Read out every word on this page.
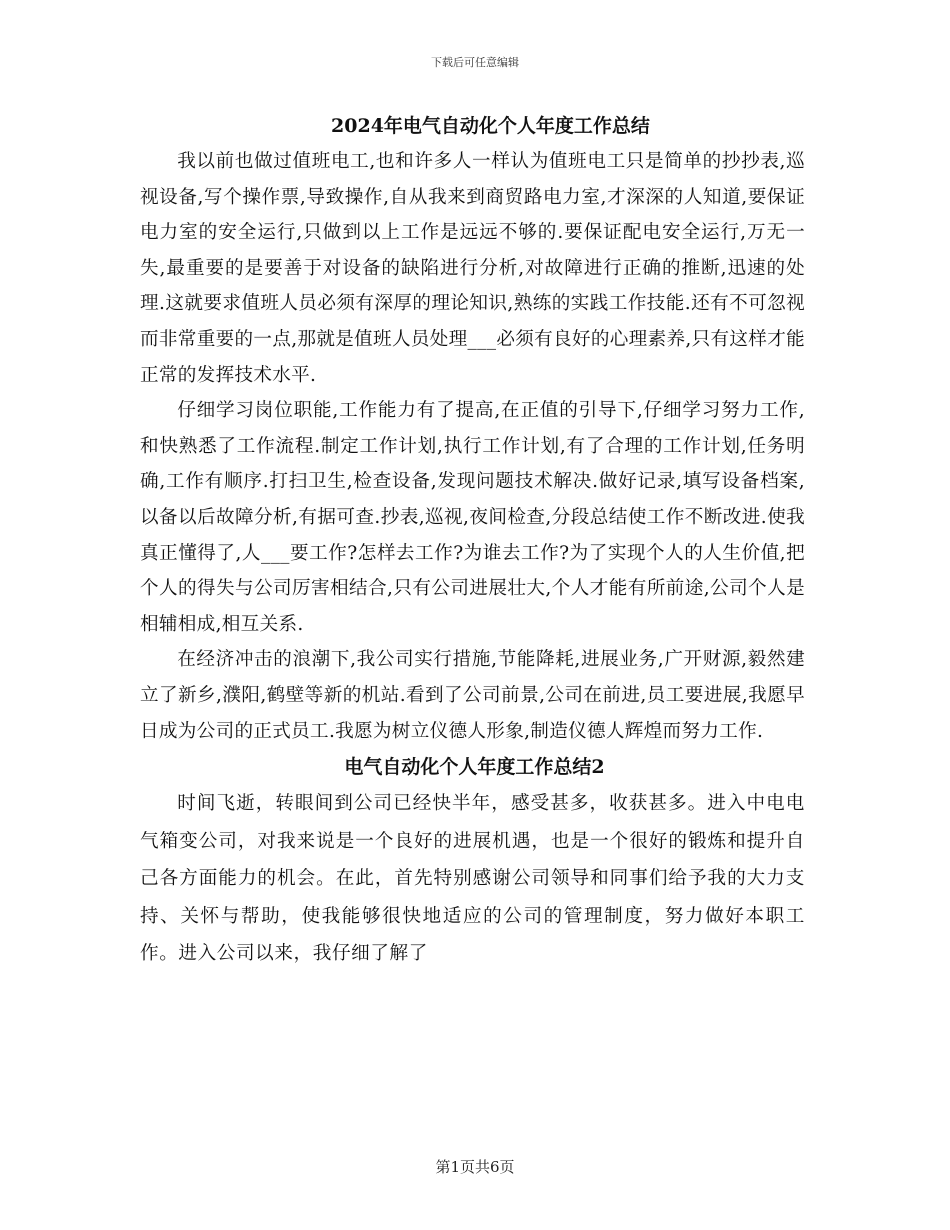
下载后可任意编辑
2024年电气自动化个人年度工作总结

我以前也做过值班电工,也和许多人一样认为值班电工只是简单的抄抄表,巡视设备,写个操作票,导致操作,自从我来到商贸路电力室,才深深的人知道,要保证电力室的安全运行,只做到以上工作是远远不够的.要保证配电安全运行,万无一失,最重要的是要善于对设备的缺陷进行分析,对故障进行正确的推断,迅速的处理.这就要求值班人员必须有深厚的理论知识,熟练的实践工作技能.还有不可忽视而非常重要的一点,那就是值班人员处理___必须有良好的心理素养,只有这样才能正常的发挥技术水平.

仔细学习岗位职能,工作能力有了提高,在正值的引导下,仔细学习努力工作,和快熟悉了工作流程.制定工作计划,执行工作计划,有了合理的工作计划,任务明确,工作有顺序.打扫卫生,检查设备,发现问题技术解决.做好记录,填写设备档案,以备以后故障分析,有据可查.抄表,巡视,夜间检查,分段总结使工作不断改进.使我真正懂得了,人___要工作?怎样去工作?为谁去工作?为了实现个人的人生价值,把个人的得失与公司厉害相结合,只有公司进展壮大,个人才能有所前途,公司个人是相辅相成,相互关系.

在经济冲击的浪潮下,我公司实行措施,节能降耗,进展业务,广开财源,毅然建立了新乡,濮阳,鹤壁等新的机站.看到了公司前景,公司在前进,员工要进展,我愿早日成为公司的正式员工.我愿为树立仪德人形象,制造仪德人辉煌而努力工作.

电气自动化个人年度工作总结2

时间飞逝，转眼间到公司已经快半年，感受甚多，收获甚多。进入中电电气箱变公司，对我来说是一个良好的进展机遇，也是一个很好的锻炼和提升自己各方面能力的机会。在此，首先特别感谢公司领导和同事们给予我的大力支持、关怀与帮助，使我能够很快地适应的公司的管理制度，努力做好本职工作。进入公司以来，我仔细了解了

第1页共6页
